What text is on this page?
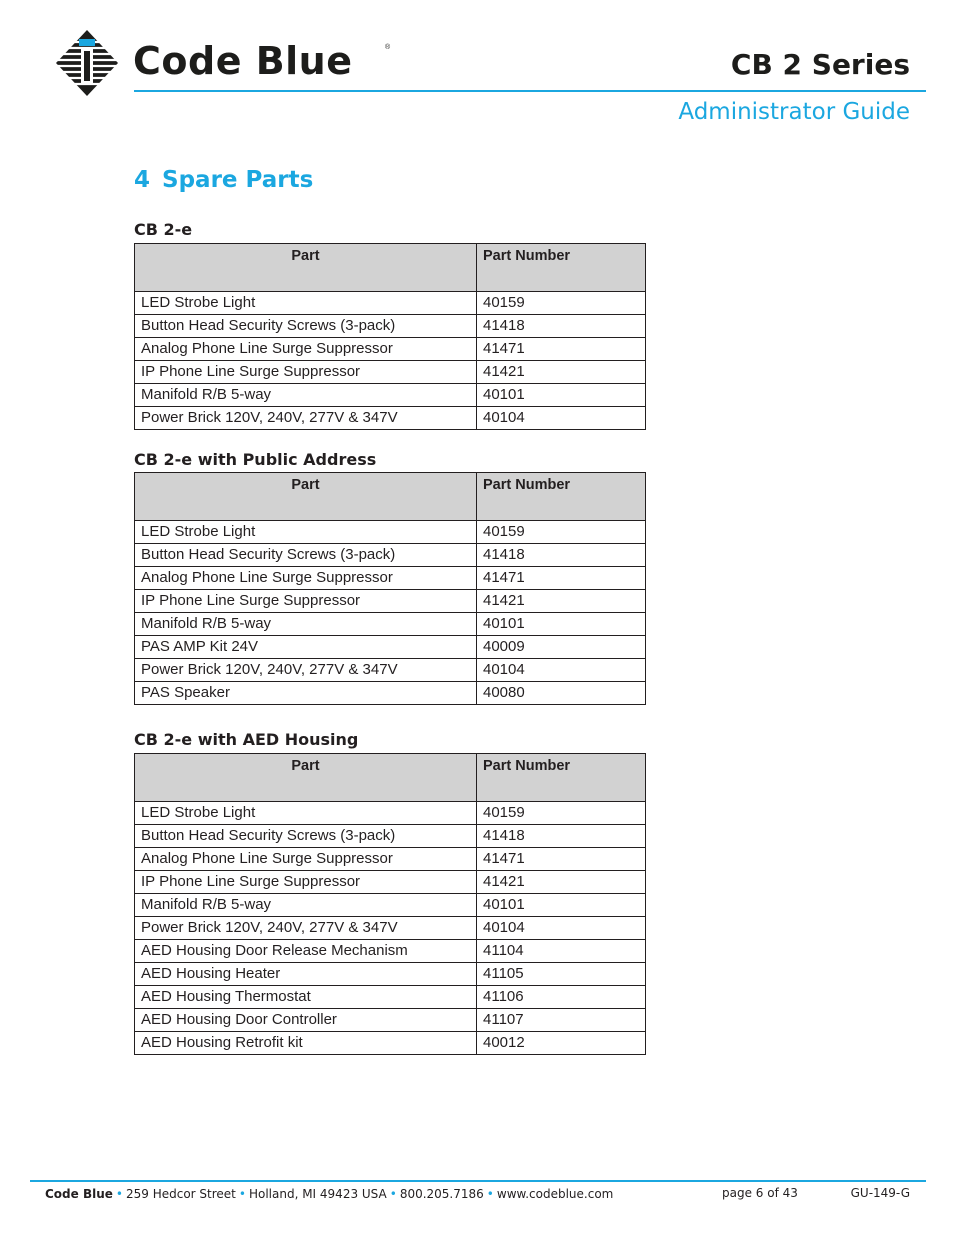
Code Blue	®
CB 2 Series
Administrator Guide
4 Spare Parts
CB 2-e
Part	Part Number
LED Strobe Light	40159
Button Head Security Screws (3-pack)	41418
Analog Phone Line Surge Suppressor	41471
IP Phone Line Surge Suppressor	41421
Manifold R/B 5-way	40101
Power Brick 120V, 240V, 277V & 347V	40104
CB 2-e with Public Address
Part	Part Number
LED Strobe Light	40159
Button Head Security Screws (3-pack)	41418
Analog Phone Line Surge Suppressor	41471
IP Phone Line Surge Suppressor	41421
Manifold R/B 5-way	40101
PAS AMP Kit 24V	40009
Power Brick 120V, 240V, 277V & 347V	40104
PAS Speaker	40080
CB 2-e with AED Housing
Part	Part Number
LED Strobe Light	40159
Button Head Security Screws (3-pack)	41418
Analog Phone Line Surge Suppressor	41471
IP Phone Line Surge Suppressor	41421
Manifold R/B 5-way	40101
Power Brick 120V, 240V, 277V & 347V	40104
AED Housing Door Release Mechanism	41104
AED Housing Heater	41105
AED Housing Thermostat	41106
AED Housing Door Controller	41107
AED Housing Retrofit kit	40012
Code Blue • 259 Hedcor Street • Holland, MI 49423 USA • 800.205.7186 • www.codeblue.com	page 6 of 43	GU-149-G
